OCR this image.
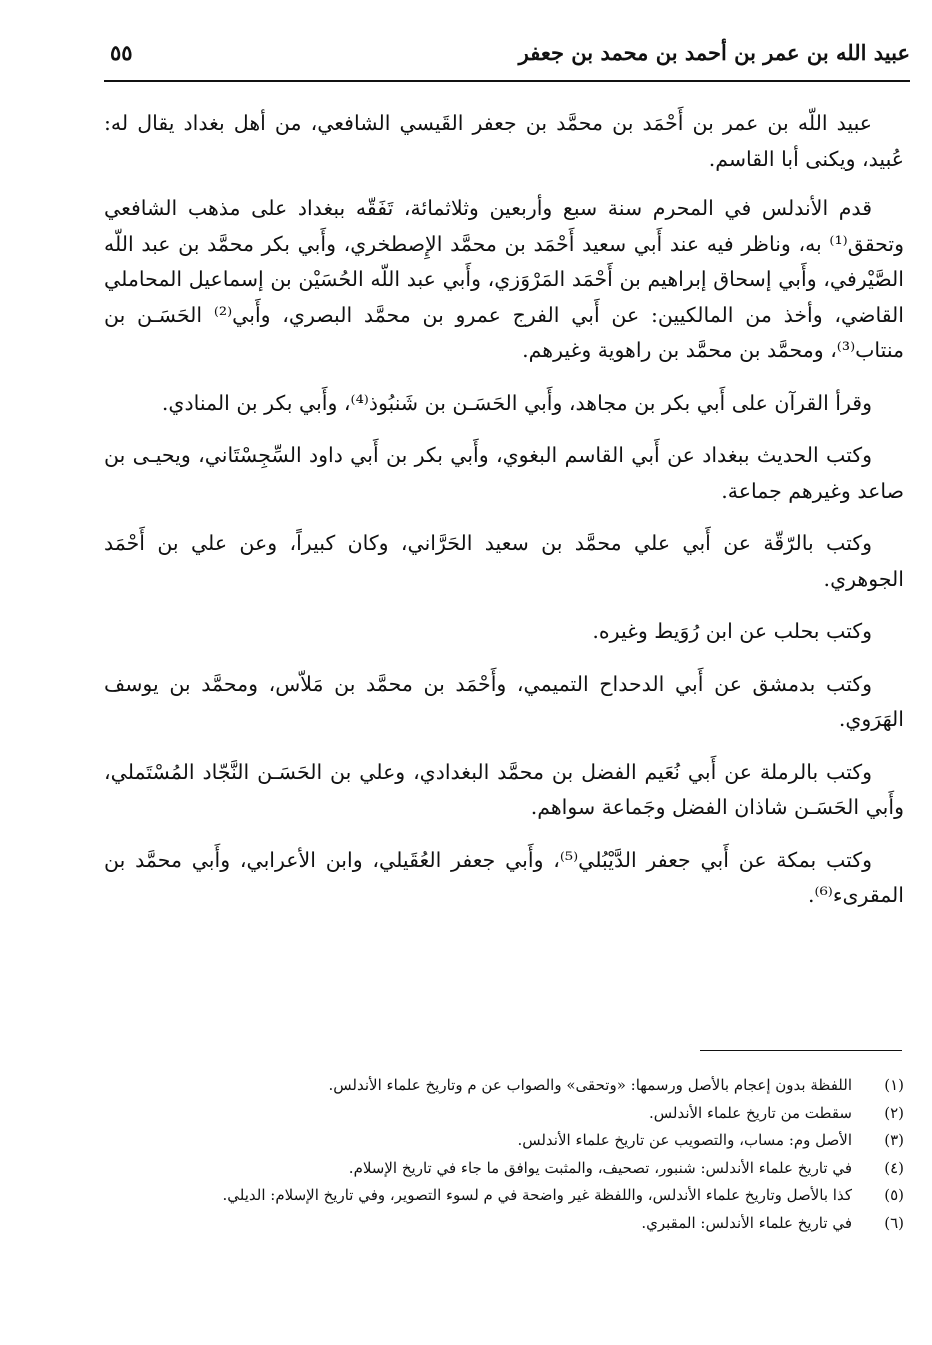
عبيد الله بن عمر بن أحمد بن محمد بن جعفر
٥٥

عبيد اللّه بن عمر بن أَحْمَد بن محمَّد بن جعفر القَيسي الشافعي، من أهل بغداد يقال له: عُبيد، ويكنى أبا القاسم.

قدم الأندلس في المحرم سنة سبع وأربعين وثلاثمائة، تَفَقّه ببغداد على مذهب الشافعي وتحقق⁽¹⁾ به، وناظر فيه عند أَبي سعيد أَحْمَد بن محمَّد الإِصطخري، وأَبي بكر محمَّد بن عبد اللّه الصَّيْرفي، وأَبي إسحاق إبراهيم بن أَحْمَد المَرْوَزي، وأَبي عبد اللّه الحُسَيْن بن إسماعيل المحاملي القاضي، وأخذ من المالكيين: عن أَبي الفرج عمرو بن محمَّد البصري، وأَبي⁽²⁾ الحَسَـن بن منتاب⁽³⁾، ومحمَّد بن محمَّد بن راهوية وغيرهم.

وقرأ القرآن على أَبي بكر بن مجاهد، وأَبي الحَسَـن بن شَنبُوذ⁽⁴⁾، وأَبي بكر بن المنادي.

وكتب الحديث ببغداد عن أَبي القاسم البغوي، وأَبي بكر بن أَبي داود السِّجِسْتَاني، ويحيـى بن صاعد وغيرهم جماعة.

وكتب بالرّقّة عن أَبي علي محمَّد بن سعيد الحَرَّاني، وكان كبيراً، وعن علي بن أَحْمَد الجوهري.

وكتب بحلب عن ابن رُوَيط وغيره.

وكتب بدمشق عن أَبي الدحداح التميمي، وأَحْمَد بن محمَّد بن مَلاّس، ومحمَّد بن يوسف الهَرَوي.

وكتب بالرملة عن أَبي نُعَيم الفضل بن محمَّد البغدادي، وعلي بن الحَسَـن النَّجّاد المُسْتَملي، وأَبي الحَسَـن شاذان الفضل وجَماعة سواهم.

وكتب بمكة عن أَبي جعفر الدَّيْبُلي⁽⁵⁾، وأَبي جعفر العُقَيلي، وابن الأعرابي، وأَبي محمَّد بن المقرىء⁽⁶⁾.

(١)
اللفظة بدون إعجام بالأصل ورسمها: «وتحقى» والصواب عن م وتاريخ علماء الأندلس.
(٢)
سقطت من تاريخ علماء الأندلس.
(٣)
الأصل وم: مساب، والتصويب عن تاريخ علماء الأندلس.
(٤)
في تاريخ علماء الأندلس: شنبور، تصحيف، والمثبت يوافق ما جاء في تاريخ الإسلام.
(٥)
كذا بالأصل وتاريخ علماء الأندلس، واللفظة غير واضحة في م لسوء التصوير، وفي تاريخ الإسلام: الديلي.
(٦)
في تاريخ علماء الأندلس: المقبري.
